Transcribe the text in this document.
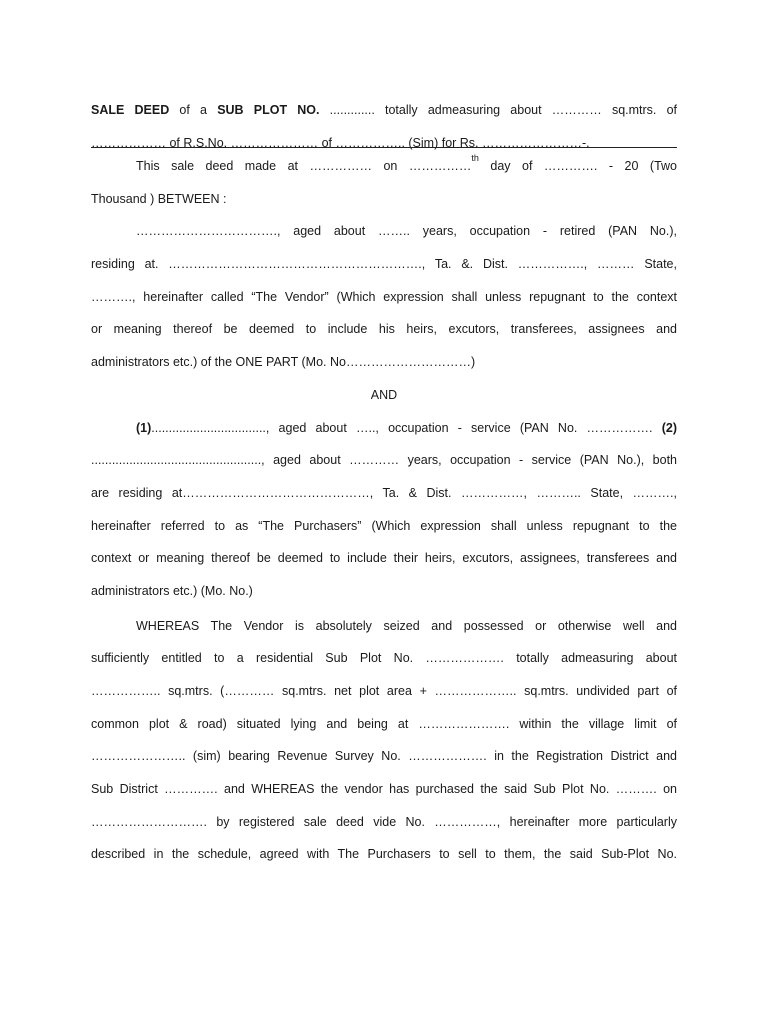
SALE DEED of a SUB PLOT NO. ............. totally admeasuring about ………… sq.mtrs. of
……………… of R.S.No. ………………… of …………….. (Sim) for Rs. ……………………-.
This sale deed made at …………… on ……………$^{th}$ day of …………. - 20 (Two
Thousand ) BETWEEN :
……………………………., aged about …….. years, occupation - retired (PAN No.),
residing at. ……………………………………………………., Ta. &. Dist. ……………., ……… State,
………., hereinafter called “The Vendor” (Which expression shall unless repugnant to the context
or meaning thereof be deemed to include his heirs, excutors, transferees, assignees and
administrators etc.) of the ONE PART (Mo. No…………………………)
AND
(1)................................., aged about ….., occupation - service (PAN No. ……………. (2)
................................................., aged about ………… years, occupation - service (PAN No.), both
are residing at………………………………………, Ta. & Dist. ……………, ……….. State, ……….,
hereinafter referred to as “The Purchasers” (Which expression shall unless repugnant to the
context or meaning thereof be deemed to include their heirs, excutors, assignees, transferees and
administrators etc.) (Mo. No.)
WHEREAS The Vendor is absolutely seized and possessed or otherwise well and
sufficiently entitled to a residential Sub Plot No. ………………. totally admeasuring about
…………….. sq.mtrs. (………… sq.mtrs. net plot area + ……………….. sq.mtrs. undivided part of
common plot & road) situated lying and being at …………………. within the village limit of
………………….. (sim) bearing Revenue Survey No. ………………. in the Registration District and
Sub District …………. and WHEREAS the vendor has purchased the said Sub Plot No. ………. on
………………………. by registered sale deed vide No. ……………, hereinafter more particularly
described in the schedule, agreed with The Purchasers to sell to them, the said Sub-Plot No.
